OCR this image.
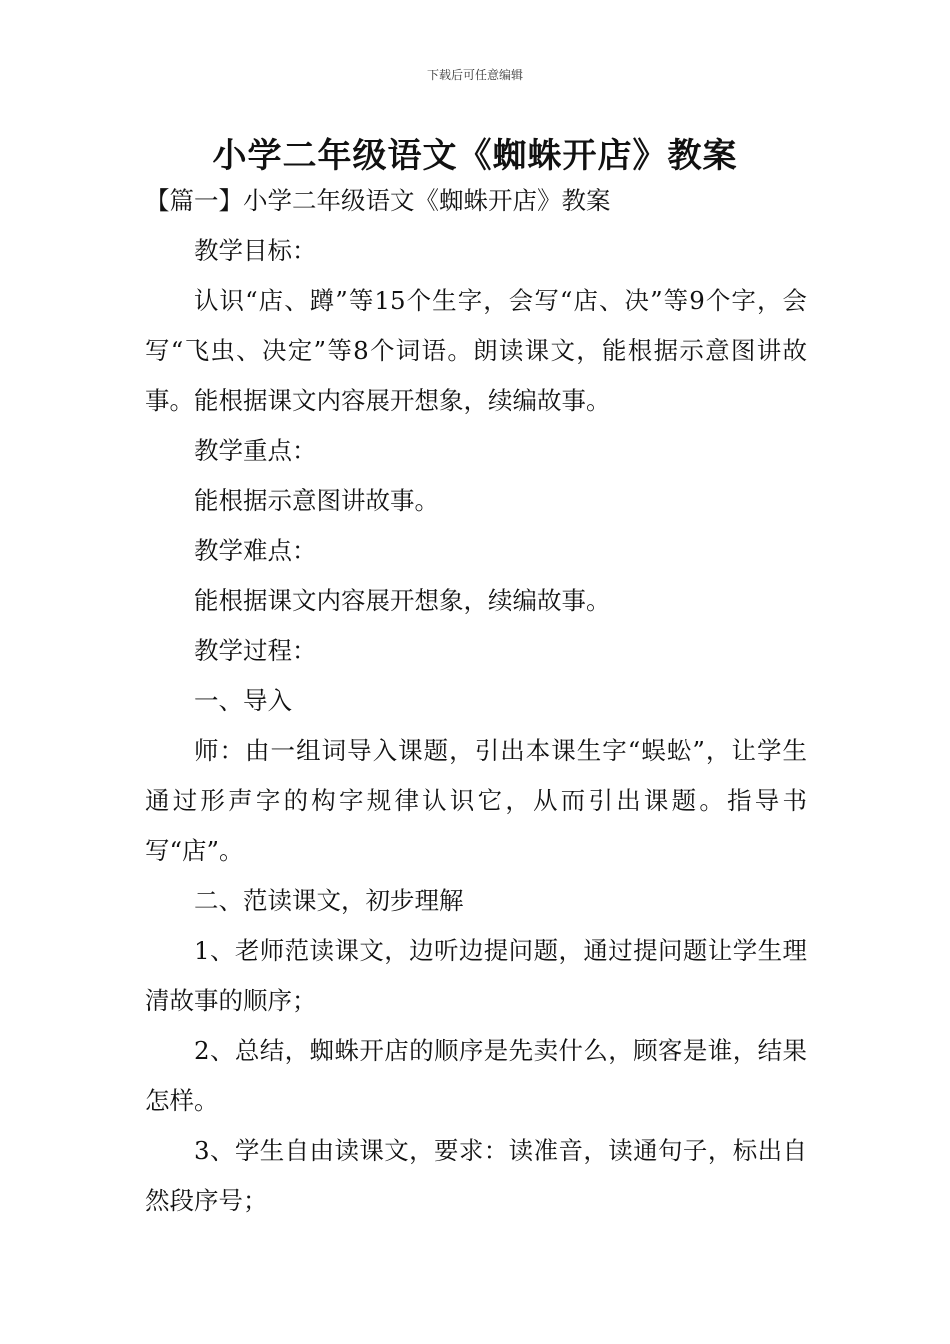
下载后可任意编辑
小学二年级语文《蜘蛛开店》教案

【篇一】小学二年级语文《蜘蛛开店》教案

教学目标：

认识“店、蹲”等15个生字，会写“店、决”等9个字，会写“飞虫、决定”等8个词语。朗读课文，能根据示意图讲故事。能根据课文内容展开想象，续编故事。

教学重点：

能根据示意图讲故事。

教学难点：

能根据课文内容展开想象，续编故事。

教学过程：

一、导入

师：由一组词导入课题，引出本课生字“蜈蚣”，让学生通过形声字的构字规律认识它，从而引出课题。指导书写“店”。

二、范读课文，初步理解

1、老师范读课文，边听边提问题，通过提问题让学生理清故事的顺序；

2、总结，蜘蛛开店的顺序是先卖什么，顾客是谁，结果怎样。

3、学生自由读课文，要求：读准音，读通句子，标出自然段序号；
